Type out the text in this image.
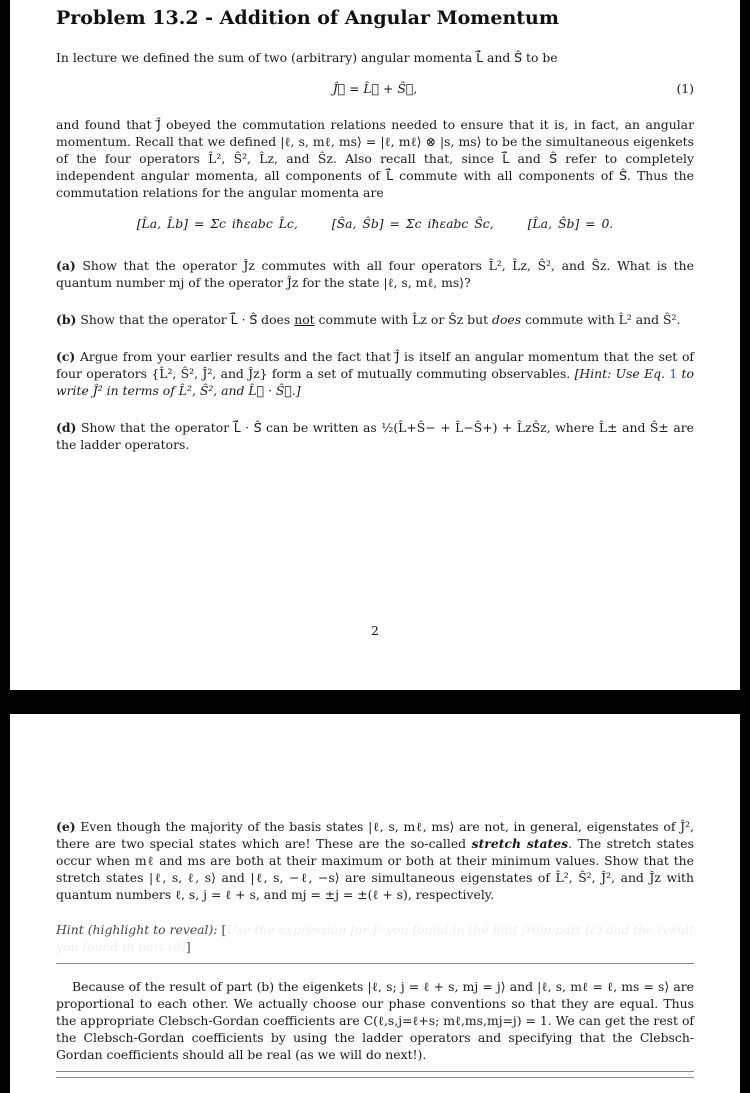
Problem 13.2 - Addition of Angular Momentum

In lecture we defined the sum of two (arbitrary) angular momenta L̂⃗ and Ŝ⃗ to be

Ĵ⃗ = L̂⃗ + Ŝ⃗,	(1)

and found that Ĵ⃗ obeyed the commutation relations needed to ensure that it is, in fact, an angular momentum. Recall that we defined |ℓ, s, mℓ, ms⟩ = |ℓ, mℓ⟩ ⊗ |s, ms⟩ to be the simultaneous eigenkets of the four operators L̂², Ŝ², L̂z, and Ŝz. Also recall that, since L̂⃗ and Ŝ⃗ refer to completely independent angular momenta, all components of L̂⃗ commute with all components of Ŝ⃗. Thus the commutation relations for the angular momenta are

[L̂a, L̂b] = Σc iħεabc L̂c,	[Ŝa, Ŝb] = Σc iħεabc Ŝc,	[L̂a, Ŝb] = 0.

(a) Show that the operator Ĵz commutes with all four operators L̂², L̂z, Ŝ², and Ŝz. What is the quantum number mj of the operator Ĵz for the state |ℓ, s, mℓ, ms⟩?

(b) Show that the operator L̂⃗ · Ŝ⃗ does not commute with L̂z or Ŝz but does commute with L̂² and Ŝ².

(c) Argue from your earlier results and the fact that Ĵ⃗ is itself an angular momentum that the set of four operators {L̂², Ŝ², Ĵ², and Ĵz} form a set of mutually commuting observables. [Hint: Use Eq. 1 to write Ĵ² in terms of L̂², Ŝ², and L̂⃗ · Ŝ⃗.]

(d) Show that the operator L̂⃗ · Ŝ⃗ can be written as ½(L̂+Ŝ− + L̂−Ŝ+) + L̂zŜz, where L̂± and Ŝ± are the ladder operators.

2

(e) Even though the majority of the basis states |ℓ, s, mℓ, ms⟩ are not, in general, eigenstates of Ĵ², there are two special states which are! These are the so-called stretch states. The stretch states occur when mℓ and ms are both at their maximum or both at their minimum values. Show that the stretch states |ℓ, s, ℓ, s⟩ and |ℓ, s, −ℓ, −s⟩ are simultaneous eigenstates of L̂², Ŝ², Ĵ², and Ĵz with quantum numbers ℓ, s, j = ℓ + s, and mj = ±j = ±(ℓ + s), respectively.

Hint (highlight to reveal): [Use the expression for Ĵ² you found in the hint from part (c) and the result you found in part (d)]

Because of the result of part (b) the eigenkets |ℓ, s; j = ℓ + s, mj = j⟩ and |ℓ, s, mℓ = ℓ, ms = s⟩ are proportional to each other. We actually choose our phase conventions so that they are equal. Thus the appropriate Clebsch-Gordan coefficients are C(ℓ,s,j=ℓ+s; mℓ,ms,mj=j) = 1. We can get the rest of the Clebsch-Gordan coefficients by using the ladder operators and specifying that the Clebsch-Gordan coefficients should all be real (as we will do next!).
